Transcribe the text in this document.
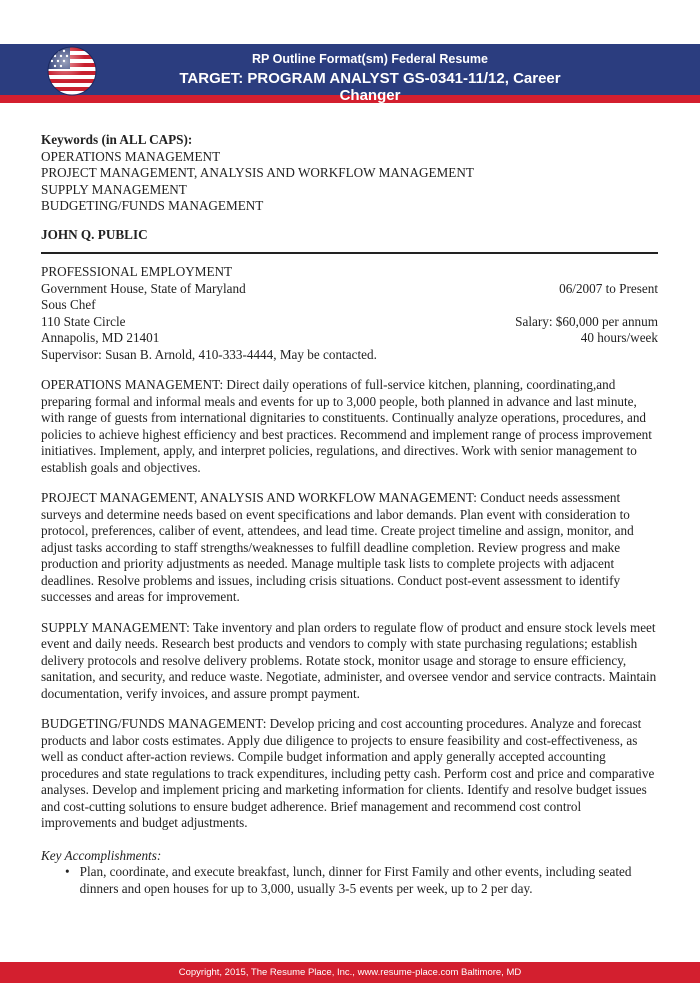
RP Outline Format(sm) Federal Resume
TARGET: PROGRAM ANALYST GS-0341-11/12, Career Changer
Keywords (in ALL CAPS):
OPERATIONS MANAGEMENT
PROJECT MANAGEMENT, ANALYSIS AND WORKFLOW MANAGEMENT
SUPPLY MANAGEMENT
BUDGETING/FUNDS MANAGEMENT
JOHN Q. PUBLIC
PROFESSIONAL EMPLOYMENT
Government House, State of Maryland	06/2007 to Present
Sous Chef
110 State Circle	Salary: $60,000 per annum
Annapolis, MD 21401	40 hours/week
Supervisor: Susan B. Arnold, 410-333-4444, May be contacted.
OPERATIONS MANAGEMENT: Direct daily operations of full-service kitchen, planning, coordinating,and preparing formal and informal meals and events for up to 3,000 people, both planned in advance and last minute, with range of guests from international dignitaries to constituents. Continually analyze operations, procedures, and policies to achieve highest efficiency and best practices. Recommend and implement range of process improvement initiatives. Implement, apply, and interpret policies, regulations, and directives. Work with senior management to establish goals and objectives.
PROJECT MANAGEMENT, ANALYSIS AND WORKFLOW MANAGEMENT: Conduct needs assessment surveys and determine needs based on event specifications and labor demands. Plan event with consideration to protocol, preferences, caliber of event, attendees, and lead time. Create project timeline and assign, monitor, and adjust tasks according to staff strengths/weaknesses to fulfill deadline completion. Review progress and make production and priority adjustments as needed. Manage multiple task lists to complete projects with adjacent deadlines. Resolve problems and issues, including crisis situations. Conduct post-event assessment to identify successes and areas for improvement.
SUPPLY MANAGEMENT: Take inventory and plan orders to regulate flow of product and ensure stock levels meet event and daily needs. Research best products and vendors to comply with state purchasing regulations; establish delivery protocols and resolve delivery problems. Rotate stock, monitor usage and storage to ensure efficiency, sanitation, and security, and reduce waste. Negotiate, administer, and oversee vendor and service contracts. Maintain documentation, verify invoices, and assure prompt payment.
BUDGETING/FUNDS MANAGEMENT: Develop pricing and cost accounting procedures. Analyze and forecast products and labor costs estimates. Apply due diligence to projects to ensure feasibility and cost-effectiveness, as well as conduct after-action reviews. Compile budget information and apply generally accepted accounting procedures and state regulations to track expenditures, including petty cash. Perform cost and price and comparative analyses. Develop and implement pricing and marketing information for clients. Identify and resolve budget issues and cost-cutting solutions to ensure budget adherence. Brief management and recommend cost control improvements and budget adjustments.
Key Accomplishments:
• Plan, coordinate, and execute breakfast, lunch, dinner for First Family and other events, including seated dinners and open houses for up to 3,000, usually 3-5 events per week, up to 2 per day.
Copyright, 2015, The Resume Place, Inc., www.resume-place.com Baltimore, MD
